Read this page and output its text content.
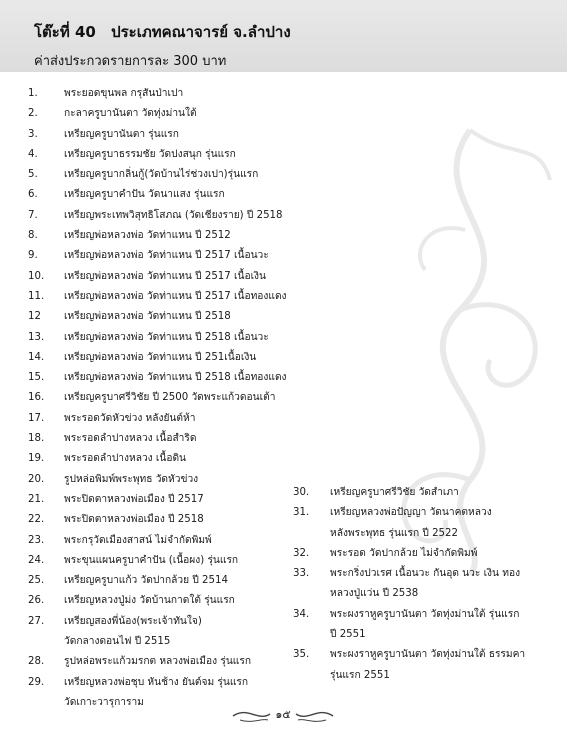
โต๊ะที่ 40 ประเภทคณาจารย์ จ.ลำปาง
ค่าส่งประกวดรายการละ 300 บาท
1.	พระยอดขุนพล กรุสันป่าเปา
2.	กะลาครูบานันตา วัดทุ่งม่านใต้
3.	เหรียญครูบานันตา รุ่นแรก
4.	เหรียญครูบาธรรมชัย วัดปงสนุก รุ่นแรก
5.	เหรียญครูบากลิ่นกู้(วัดบ้านไร่ช่วงเปา)รุ่นแรก
6.	เหรียญครูบาคำปัน วัดนาแสง รุ่นแรก
7.	เหรียญพระเทพวิสุทธิโสภณ (วัดเชียงราย) ปี 2518
8.	เหรียญพ่อหลวงพ่อ วัดท่าแหน ปี 2512
9.	เหรียญพ่อหลวงพ่อ วัดท่าแหน ปี 2517 เนื้อนวะ
10.	เหรียญพ่อหลวงพ่อ วัดท่าแหน ปี 2517 เนื้อเงิน
11.	เหรียญพ่อหลวงพ่อ วัดท่าแหน ปี 2517 เนื้อทองแดง
12	เหรียญพ่อหลวงพ่อ วัดท่าแหน ปี 2518
13.	เหรียญพ่อหลวงพ่อ วัดท่าแหน ปี 2518 เนื้อนวะ
14.	เหรียญพ่อหลวงพ่อ วัดท่าแหน ปี 251เนื้อเงิน
15.	เหรียญพ่อหลวงพ่อ วัดท่าแหน ปี 2518 เนื้อทองแดง
16.	เหรียญครูบาศรีวิชัย ปี 2500 วัดพระแก้วดอนเต้า
17.	พระรอดวัดหัวข่วง หลังยันต์ห้า
18.	พระรอดลำปางหลวง เนื้อสำริด
19.	พระรอดลำปางหลวง เนื้อดิน
20.	รูปหล่อพิมพ์พระพุทธ วัดหัวข่วง
21.	พระปิดตาหลวงพ่อเมือง ปี 2517
22.	พระปิดตาหลวงพ่อเมือง ปี 2518
23.	พระกรุวัดเมืองสาสน์ ไม่จำกัดพิมพ์
24.	พระขุนแผนครูบาคำปัน (เนื้อผง) รุ่นแรก
25.	เหรียญครูบาแก้ว วัดปากล้วย ปี 2514
26.	เหรียญหลวงปู่ม่ง วัดบ้านกาดใต้ รุ่นแรก
27.	เหรียญสองพี่น้อง(พระเจ้าทันใจ)
วัดกลางดอนไฟ ปี 2515
28.	รูปหล่อพระแก้วมรกต หลวงพ่อเมือง รุ่นแรก
29.	เหรียญหลวงพ่อชุบ หันช้าง ยันต์จม รุ่นแรก
วัดเกาะวารุการาม
30.	เหรียญครูบาศรีวิชัย วัดสำเภา
31.	เหรียญหลวงพ่อปัญญา วัดนาคตหลวง
หลังพระพุทธ รุ่นแรก ปี 2522
32.	พระรอด วัดปากล้วย ไม่จำกัดพิมพ์
33.	พระกริ่งปวเรศ เนื้อนวะ กันอุด นวะ เงิน ทอง
หลวงปู่แว่น ปี 2538
34.	พระผงราหูครูบานันตา วัดทุ่งม่านใต้ รุ่นแรก
ปี 2551
35.	พระผงราหูครูบานันตา วัดทุ่งม่านใต้ ธรรมคา
รุ่นแรก 2551
๑๕
